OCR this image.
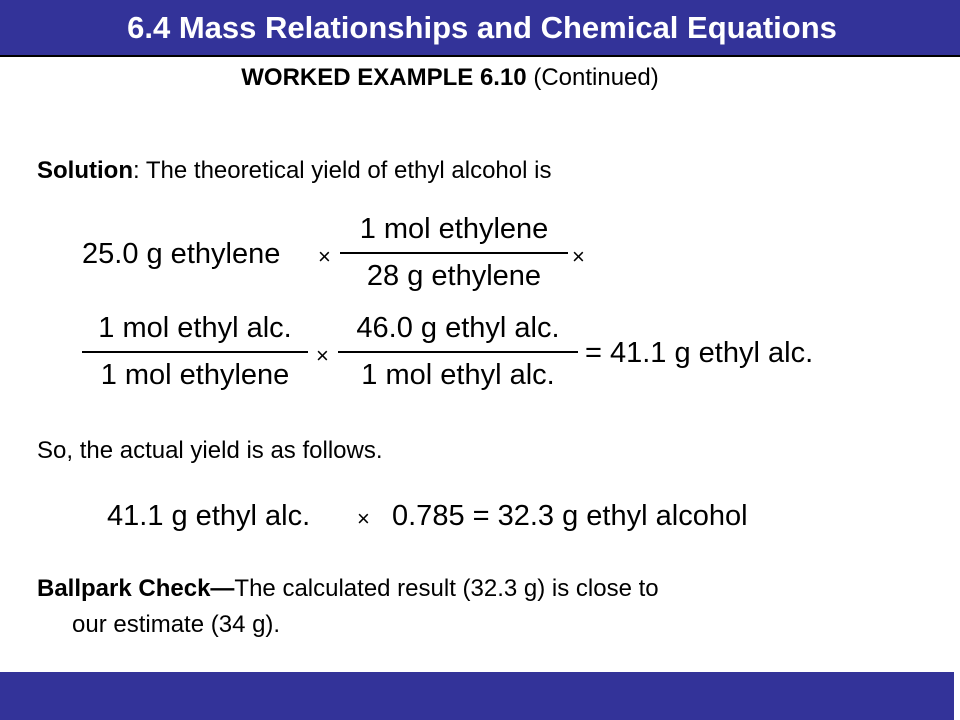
6.4 Mass Relationships and Chemical Equations
WORKED EXAMPLE 6.10 (Continued)
Solution: The theoretical yield of ethyl alcohol is
25.0 g ethylene ×
1 mol ethylene
28 g ethylene
×
1 mol ethyl alc.
1 mol ethylene
×
46.0 g ethyl alc.
1 mol ethyl alc.
= 41.1 g ethyl alc.
So, the actual yield is as follows.
41.1 g ethyl alc. × 0.785 = 32.3 g ethyl alcohol
Ballpark Check—The calculated result (32.3 g) is close to
our estimate (34 g).
